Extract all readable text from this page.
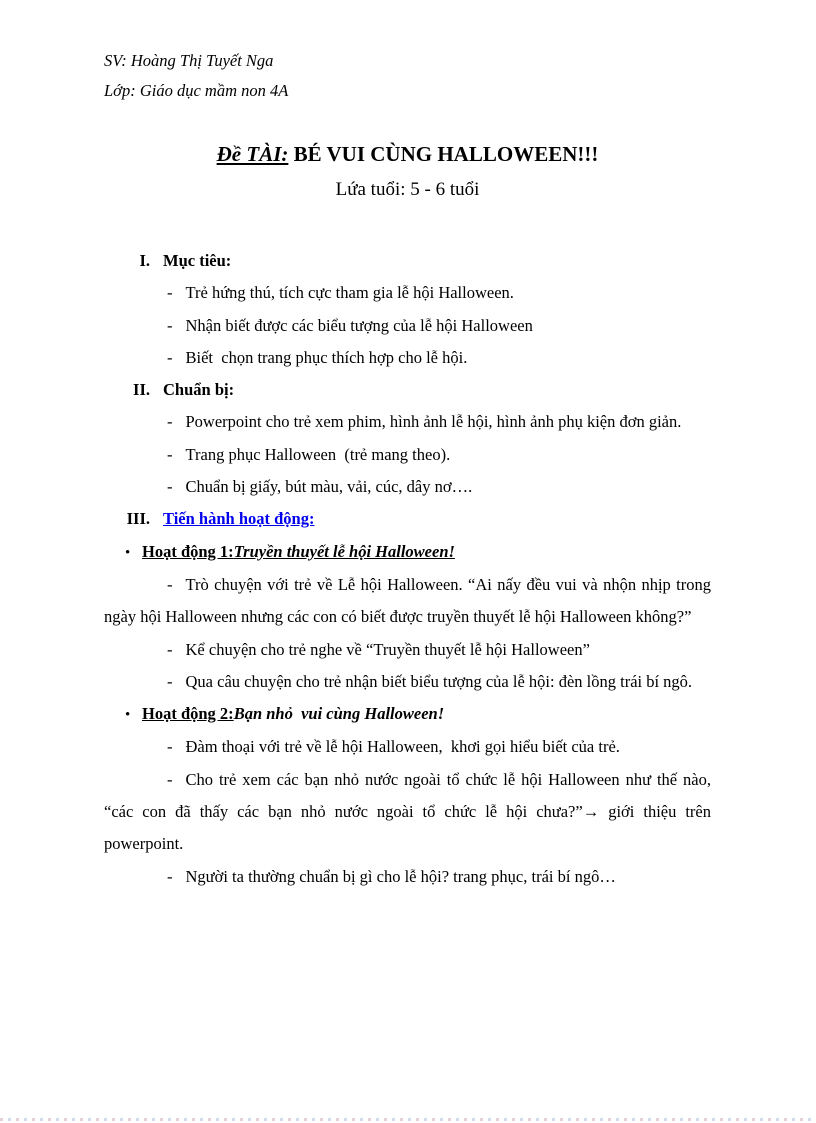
SV: Hoàng Thị Tuyết Nga

Lớp: Giáo dục mầm non 4A

Đề TÀI: BÉ VUI CÙNG HALLOWEEN!!!

Lứa tuổi: 5 - 6 tuổi

I. Mục tiêu:

- Trẻ hứng thú, tích cực tham gia lễ hội Halloween.

- Nhận biết được các biểu tượng của lễ hội Halloween

- Biết  chọn trang phục thích hợp cho lễ hội.

II. Chuẩn bị:

- Powerpoint cho trẻ xem phim, hình ảnh lễ hội, hình ảnh phụ kiện đơn giản.

- Trang phục Halloween  (trẻ mang theo).

- Chuẩn bị giấy, bút màu, vải, cúc, dây nơ….

III. Tiến hành hoạt động:

• Hoạt động 1:Truyền thuyết lễ hội Halloween!

- Trò chuyện với trẻ về Lễ hội Halloween. “Ai nấy đều vui và nhộn nhịp trong ngày hội Halloween nhưng các con có biết được truyền thuyết lễ hội Halloween không?”

- Kể chuyện cho trẻ nghe về “Truyền thuyết lễ hội Halloween”

- Qua câu chuyện cho trẻ nhận biết biểu tượng của lễ hội: đèn lồng trái bí ngô.

• Hoạt động 2:Bạn nhỏ  vui cùng Halloween!

- Đàm thoại với trẻ về lễ hội Halloween,  khơi gọi hiểu biết của trẻ.

- Cho trẻ xem các bạn nhỏ nước ngoài tổ chức lễ hội Halloween như thế nào, “các con đã thấy các bạn nhỏ nước ngoài tổ chức lễ hội chưa?”→ giới thiệu trên powerpoint.

- Người ta thường chuẩn bị gì cho lễ hội? trang phục, trái bí ngô…
